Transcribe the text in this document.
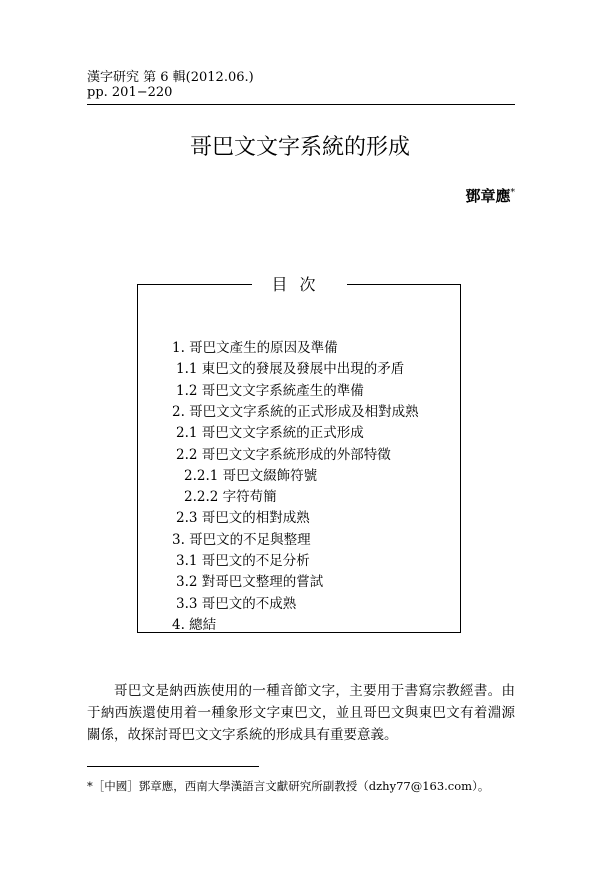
漢字研究 第 6 輯(2012.06.)
pp. 201−220
哥巴文文字系統的形成
鄧章應*
目次
1. 哥巴文產生的原因及準備
1.1 東巴文的發展及發展中出現的矛盾
1.2 哥巴文文字系統產生的準備
2. 哥巴文文字系統的正式形成及相對成熟
2.1 哥巴文文字系統的正式形成
2.2 哥巴文文字系統形成的外部特徵
2.2.1 哥巴文綴飾符號
2.2.2 字符苟簡
2.3 哥巴文的相對成熟
3. 哥巴文的不足與整理
3.1 哥巴文的不足分析
3.2 對哥巴文整理的嘗試
3.3 哥巴文的不成熟
4. 總結

哥巴文是納西族使用的一種音節文字，主要用于書寫宗教經書。由于納西族還使用着一種象形文字東巴文，並且哥巴文與東巴文有着淵源關係，故探討哥巴文文字系統的形成具有重要意義。

*［中國］鄧章應，西南大學漢語言文獻研究所副教授（dzhy77@163.com）。
